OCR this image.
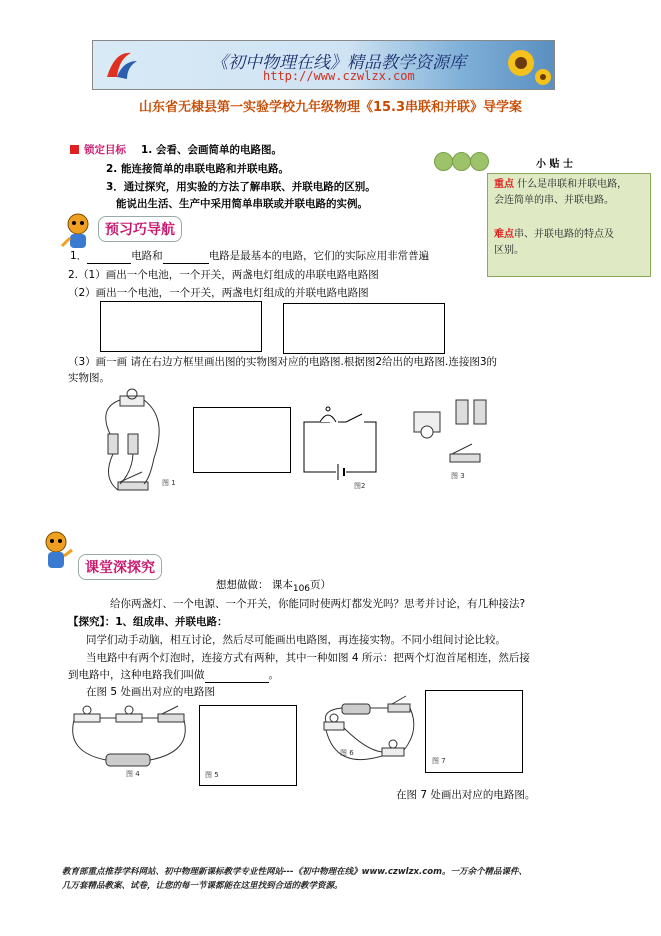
《初中物理在线》精品教学资源库
http://www.czwlzx.com
山东省无棣县第一实验学校九年级物理《15.3串联和并联》导学案
锁定目标 1. 会看、会画简单的电路图。
2. 能连接简单的串联电路和并联电路。
3．通过探究，用实验的方法了解串联、并联电路的区别。
能说出生活、生产中采用简单串联或并联电路的实例。
小 贴 士
重点 什么是串联和并联电路，
会连简单的串、并联电路。
难点串、并联电路的特点及
区别。
预习巧导航
1．	电路和	电路是最基本的电路，它们的实际应用非常普遍
2.（1）画出一个电池，一个开关，两盏电灯组成的串联电路电路图
（2）画出一个电池，一个开关，两盏电灯组成的并联电路电路图
（3）画一画 请在右边方框里画出图的实物图对应的电路图.根据图2给出的电路图.连接图3的
实物图。
图 1	图2
图 3
课堂深探究
想想做做： 课本106页）
给你两盏灯、一个电源、一个开关，你能同时使两灯都发光吗？思考并讨论，有几种接法?
【探究】：1、组成串、并联电路：
同学们动手动脑，相互讨论，然后尽可能画出电路图，再连接实物。不同小组间讨论比较。
当电路中有两个灯泡时，连接方式有两种，其中一种如图 4 所示：把两个灯泡首尾相连，然后接
到电路中，这种电路我们叫做	。
在图 5 处画出对应的电路图
图 4	图 5
图 6
图 7
在图 7 处画出对应的电路图。
教育部重点推荐学科网站、初中物理新课标教学专业性网站---《初中物理在线》www.czwlzx.com。一万余个精品课件、
几万套精品教案、试卷，让您的每一节课都能在这里找到合适的教学资源。
